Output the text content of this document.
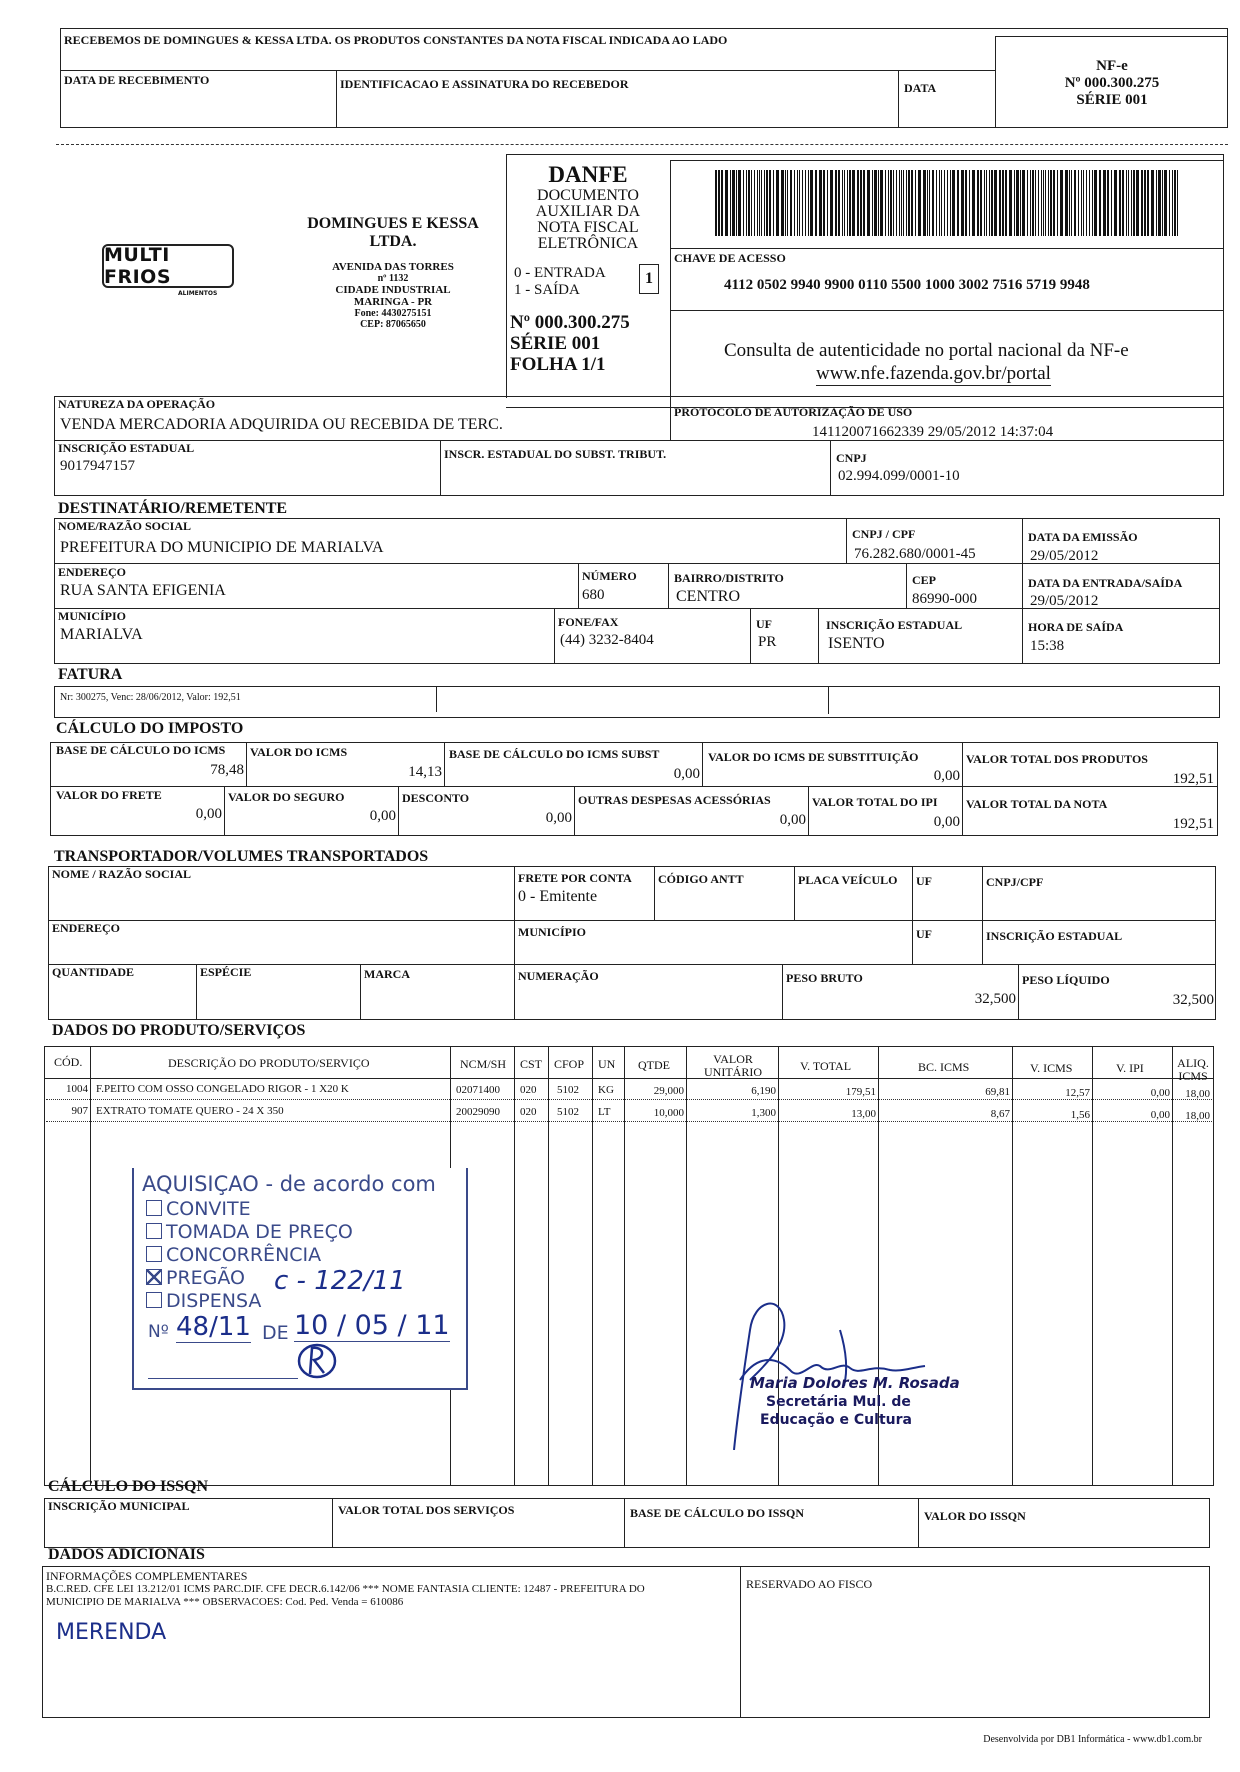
RECEBEMOS DE DOMINGUES & KESSA LTDA. OS PRODUTOS CONSTANTES DA NOTA FISCAL INDICADA AO LADO
DATA DE RECEBIMENTO	IDENTIFICACAO E ASSINATURA DO RECEBEDOR	DATA
NF-e
Nº 000.300.275
SÉRIE 001
MULTI FRIOS
ALIMENTOS
DOMINGUES E KESSA
LTDA.
AVENIDA DAS TORRES
nº 1132
CIDADE INDUSTRIAL
MARINGA - PR
Fone: 4430275151
CEP: 87065650
DANFE
DOCUMENTO
AUXILIAR DA
NOTA FISCAL
ELETRÔNICA
0 - ENTRADA
1 - SAÍDA
1
Nº 000.300.275
SÉRIE 001
FOLHA 1/1
CHAVE DE ACESSO
4112 0502 9940 9900 0110 5500 1000 3002 7516 5719 9948
Consulta de autenticidade no portal nacional da NF-e
www.nfe.fazenda.gov.br/portal
NATUREZA DA OPERAÇÃO
VENDA MERCADORIA ADQUIRIDA OU RECEBIDA DE TERC.
PROTOCOLO DE AUTORIZAÇÃO DE USO
141120071662339 29/05/2012 14:37:04
INSCRIÇÃO ESTADUAL
9017947157
INSCR. ESTADUAL DO SUBST. TRIBUT.	CNPJ
02.994.099/0001-10
DESTINATÁRIO/REMETENTE
NOME/RAZÃO SOCIAL
PREFEITURA DO MUNICIPIO DE MARIALVA
CNPJ / CPF
76.282.680/0001-45
DATA DA EMISSÃO
29/05/2012
ENDEREÇO
RUA SANTA EFIGENIA
NÚMERO
680
BAIRRO/DISTRITO
CENTRO
CEP
86990-000
DATA DA ENTRADA/SAÍDA
29/05/2012
MUNICÍPIO
MARIALVA
FONE/FAX
(44) 3232-8404
UF
PR
INSCRIÇÃO ESTADUAL
ISENTO
HORA DE SAÍDA
15:38
FATURA
Nr: 300275, Venc: 28/06/2012, Valor: 192,51
CÁLCULO DO IMPOSTO
BASE DE CÁLCULO DO ICMS
78,48
VALOR DO ICMS
14,13
BASE DE CÁLCULO DO ICMS SUBST
0,00
VALOR DO ICMS DE SUBSTITUIÇÃO
0,00
VALOR TOTAL DOS PRODUTOS
192,51
VALOR DO FRETE
0,00
VALOR DO SEGURO
0,00
DESCONTO
0,00
OUTRAS DESPESAS ACESSÓRIAS
0,00
VALOR TOTAL DO IPI
0,00
VALOR TOTAL DA NOTA
192,51
TRANSPORTADOR/VOLUMES TRANSPORTADOS
NOME / RAZÃO SOCIAL	FRETE POR CONTA
0 - Emitente
CÓDIGO ANTT	PLACA VEÍCULO UF	CNPJ/CPF
ENDEREÇO	MUNICÍPIO	UF	INSCRIÇÃO ESTADUAL
QUANTIDADE	ESPÉCIE	MARCA	NUMERAÇÃO	PESO BRUTO
32,500
PESO LÍQUIDO
32,500
DADOS DO PRODUTO/SERVIÇOS
CÓD.	DESCRIÇÃO DO PRODUTO/SERVIÇO	NCM/SH CST CFOP UN QTDE	VALOR
UNITÁRIO	V. TOTAL	BC. ICMS	V. ICMS	V. IPI	ALIQ.
ICMS
1004 F.PEITO COM OSSO CONGELADO RIGOR - 1 X20 K	02071400 020 5102 KG	29,000	6,190	179,51	69,81	12,57	0,00	18,00
907 EXTRATO TOMATE QUERO - 24 X 350	20029090 020 5102 LT	10,000	1,300	13,00	8,67	1,56	0,00	18,00
AQUISIÇAO - de acordo com
CONVITE
TOMADA DE PREÇO
CONCORRÊNCIA
PREGÃO c - 122/11
DISPENSA
Nº 48/11 DE 10 / 05 / 11
Maria Dolores M. Rosada
Secretária Mul. de
Educação e Cultura
CÁLCULO DO ISSQN
INSCRIÇÃO MUNICIPAL	VALOR TOTAL DOS SERVIÇOS	BASE DE CÁLCULO DO ISSQN	VALOR DO ISSQN
DADOS ADICIONAIS
INFORMAÇÕES COMPLEMENTARES
B.C.RED. CFE LEI 13.212/01 ICMS PARC.DIF. CFE DECR.6.142/06 *** NOME FANTASIA CLIENTE: 12487 - PREFEITURA DO
MUNICIPIO DE MARIALVA *** OBSERVACOES: Cod. Ped. Venda = 610086
MERENDA
RESERVADO AO FISCO
Desenvolvida por DB1 Informática - www.db1.com.br
